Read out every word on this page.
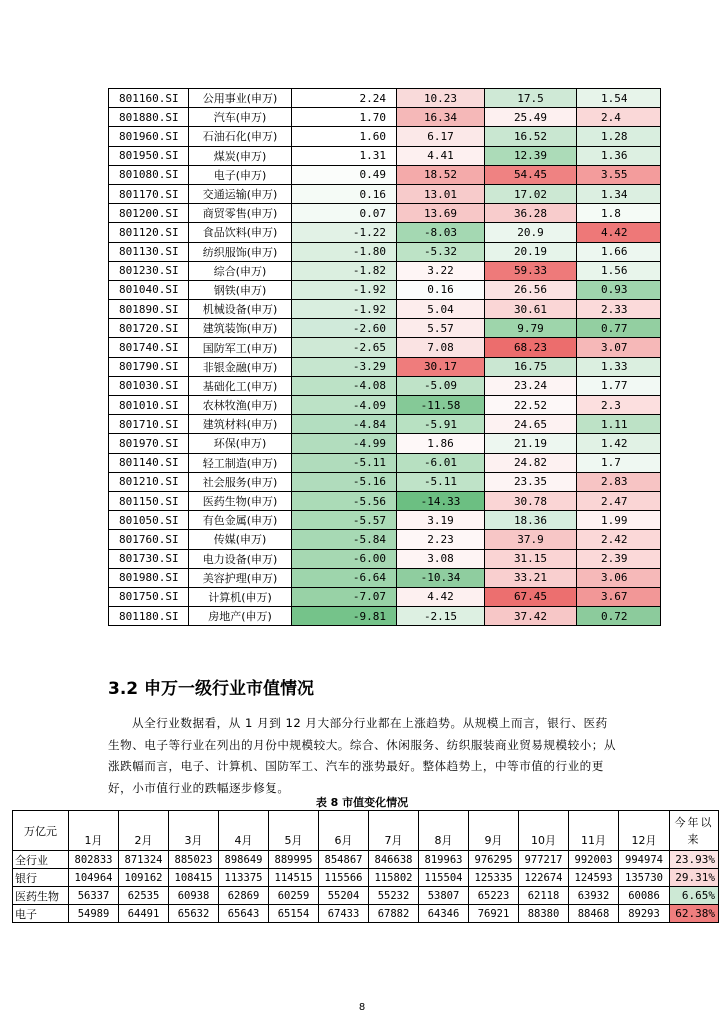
801160.SI	公用事业(申万)	2.24	10.23	17.5	1.54
801880.SI	汽车(申万)	1.70	16.34	25.49	2.4
801960.SI	石油石化(申万)	1.60	6.17	16.52	1.28
801950.SI	煤炭(申万)	1.31	4.41	12.39	1.36
801080.SI	电子(申万)	0.49	18.52	54.45	3.55
801170.SI	交通运输(申万)	0.16	13.01	17.02	1.34
801200.SI	商贸零售(申万)	0.07	13.69	36.28	1.8
801120.SI	食品饮料(申万)	-1.22	-8.03	20.9	4.42
801130.SI	纺织服饰(申万)	-1.80	-5.32	20.19	1.66
801230.SI	综合(申万)	-1.82	3.22	59.33	1.56
801040.SI	钢铁(申万)	-1.92	0.16	26.56	0.93
801890.SI	机械设备(申万)	-1.92	5.04	30.61	2.33
801720.SI	建筑装饰(申万)	-2.60	5.57	9.79	0.77
801740.SI	国防军工(申万)	-2.65	7.08	68.23	3.07
801790.SI	非银金融(申万)	-3.29	30.17	16.75	1.33
801030.SI	基础化工(申万)	-4.08	-5.09	23.24	1.77
801010.SI	农林牧渔(申万)	-4.09	-11.58	22.52	2.3
801710.SI	建筑材料(申万)	-4.84	-5.91	24.65	1.11
801970.SI	环保(申万)	-4.99	1.86	21.19	1.42
801140.SI	轻工制造(申万)	-5.11	-6.01	24.82	1.7
801210.SI	社会服务(申万)	-5.16	-5.11	23.35	2.83
801150.SI	医药生物(申万)	-5.56	-14.33	30.78	2.47
801050.SI	有色金属(申万)	-5.57	3.19	18.36	1.99
801760.SI	传媒(申万)	-5.84	2.23	37.9	2.42
801730.SI	电力设备(申万)	-6.00	3.08	31.15	2.39
801980.SI	美容护理(申万)	-6.64	-10.34	33.21	3.06
801750.SI	计算机(申万)	-7.07	4.42	67.45	3.67
801180.SI	房地产(申万)	-9.81	-2.15	37.42	0.72
3.2 申万一级行业市值情况

从全行业数据看，从 1 月到 12 月大部分行业都在上涨趋势。从规模上而言，银行、医药生物、电子等行业在列出的月份中规模较大。综合、休闲服务、纺织服装商业贸易规模较小；从涨跌幅而言，电子、计算机、国防军工、汽车的涨势最好。整体趋势上，中等市值的行业的更好，小市值行业的跌幅逐步修复。

表 8 市值变化情况
万亿元	1月	2月	3月	4月	5月	6月	7月	8月	9月	10月	11月	12月	今年以来
全行业	802833	871324	885023	898649	889995	854867	846638	819963	976295	977217	992003	994974	23.93%
银行	104964	109162	108415	113375	114515	115566	115802	115504	125335	122674	124593	135730	29.31%
医药生物	56337	62535	60938	62869	60259	55204	55232	53807	65223	62118	63932	60086	6.65%
电子	54989	64491	65632	65643	65154	67433	67882	64346	76921	88380	88468	89293	62.38%
8
